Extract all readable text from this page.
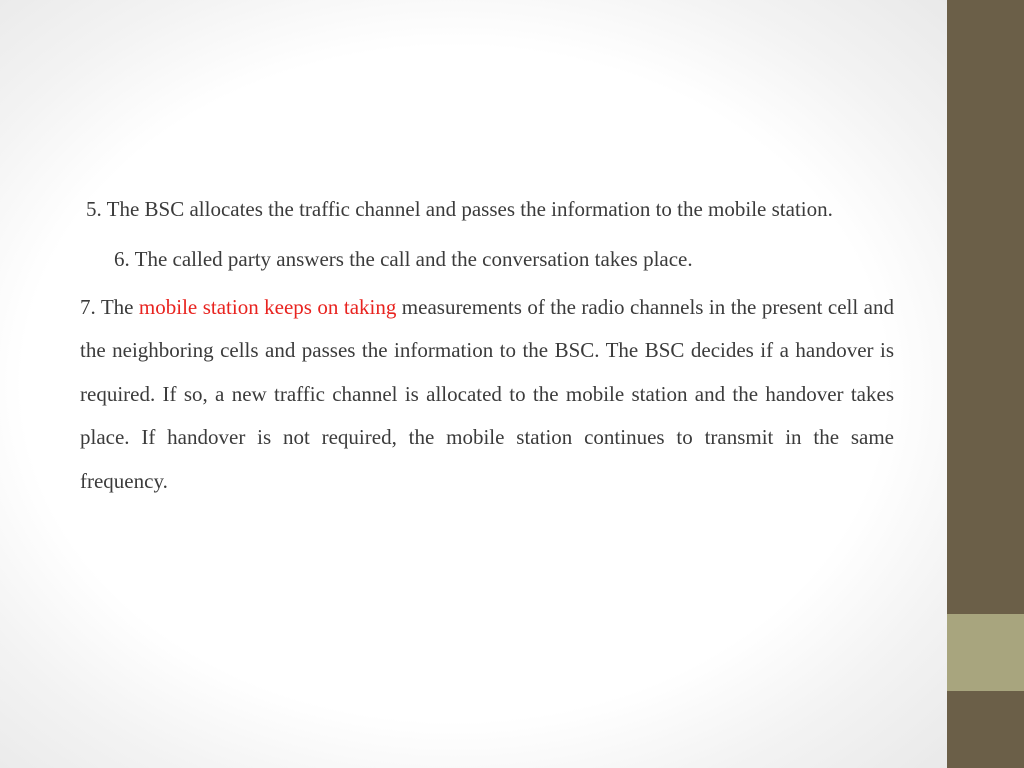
5. The BSC allocates the traffic channel and passes the information to the mobile station.

6. The called party answers the call and the conversation takes place.

7. The mobile station keeps on taking measurements of the radio channels in the present cell and the neighboring cells and passes the information to the BSC. The BSC decides if a handover is required. If so, a new traffic channel is allocated to the mobile station and the handover takes place. If handover is not required, the mobile station continues to transmit in the same frequency.
